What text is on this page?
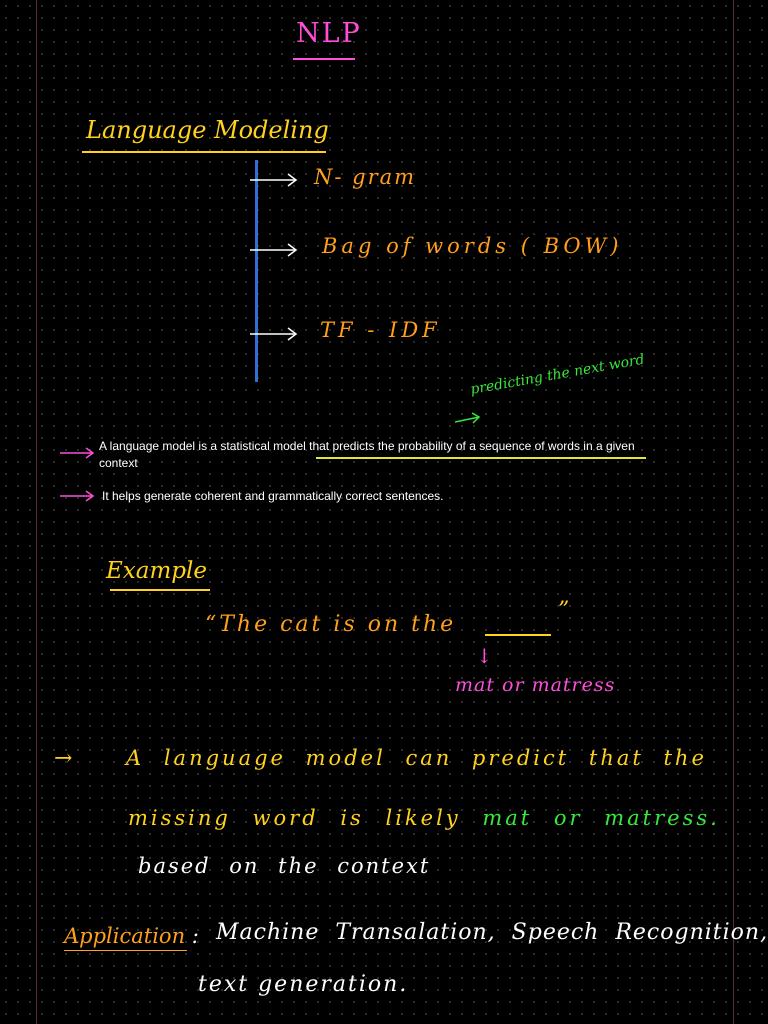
NLP
Language Modeling
N- gram
Bag of words ( BOW)
TF - IDF
predicting the next word
A language model is a statistical model that predicts the probability of a sequence of words in a given context
It helps generate coherent and grammatically correct sentences.
Example
“The cat is on the
”
↓
mat or matress
→	A language model can predict that the
missing word is likely mat or matress.
based on the context
Application : Machine Transalation, Speech Recognition,
text generation.
